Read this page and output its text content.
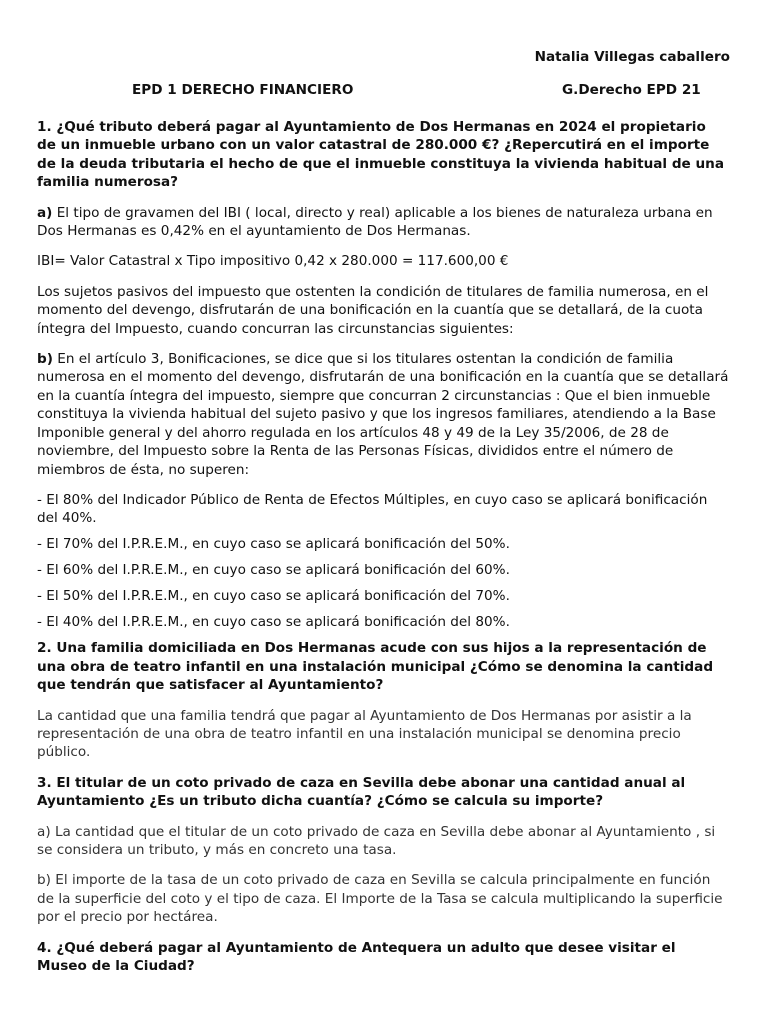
Natalia Villegas caballero
EPD 1 DERECHO FINANCIERO	G.Derecho EPD 21

1. ¿Qué tributo deberá pagar al Ayuntamiento de Dos Hermanas en 2024 el propietario de un inmueble urbano con un valor catastral de 280.000 €? ¿Repercutirá en el importe de la deuda tributaria el hecho de que el inmueble constituya la vivienda habitual de una familia numerosa?

a) El tipo de gravamen del IBI ( local, directo y real) aplicable a los bienes de naturaleza urbana en Dos Hermanas es 0,42% en el ayuntamiento de Dos Hermanas.

IBI= Valor Catastral x Tipo impositivo 0,42 x 280.000 = 117.600,00 €

Los sujetos pasivos del impuesto que ostenten la condición de titulares de familia numerosa, en el momento del devengo, disfrutarán de una bonificación en la cuantía que se detallará, de la cuota íntegra del Impuesto, cuando concurran las circunstancias siguientes:

b) En el artículo 3, Bonificaciones, se dice que si los titulares ostentan la condición de familia numerosa en el momento del devengo, disfrutarán de una bonificación en la cuantía que se detallará en la cuantía íntegra del impuesto, siempre que concurran 2 circunstancias : Que el bien inmueble constituya la vivienda habitual del sujeto pasivo y que los ingresos familiares, atendiendo a la Base Imponible general y del ahorro regulada en los artículos 48 y 49 de la Ley 35/2006, de 28 de noviembre, del Impuesto sobre la Renta de las Personas Físicas, divididos entre el número de miembros de ésta, no superen:

- El 80% del Indicador Público de Renta de Efectos Múltiples, en cuyo caso se aplicará bonificación del 40%.

- El 70% del I.P.R.E.M., en cuyo caso se aplicará bonificación del 50%.

- El 60% del I.P.R.E.M., en cuyo caso se aplicará bonificación del 60%.

- El 50% del I.P.R.E.M., en cuyo caso se aplicará bonificación del 70%.

- El 40% del I.P.R.E.M., en cuyo caso se aplicará bonificación del 80%.

2. Una familia domiciliada en Dos Hermanas acude con sus hijos a la representación de una obra de teatro infantil en una instalación municipal ¿Cómo se denomina la cantidad que tendrán que satisfacer al Ayuntamiento?

La cantidad que una familia tendrá que pagar al Ayuntamiento de Dos Hermanas por asistir a la representación de una obra de teatro infantil en una instalación municipal se denomina precio público.

3. El titular de un coto privado de caza en Sevilla debe abonar una cantidad anual al Ayuntamiento ¿Es un tributo dicha cuantía? ¿Cómo se calcula su importe?

a) La cantidad que el titular de un coto privado de caza en Sevilla debe abonar al Ayuntamiento , si se considera un tributo, y más en concreto una tasa.

b) El importe de la tasa de un coto privado de caza en Sevilla se calcula principalmente en función de la superficie del coto y el tipo de caza. El Importe de la Tasa se calcula multiplicando la superficie por el precio por hectárea.

4. ¿Qué deberá pagar al Ayuntamiento de Antequera un adulto que desee visitar el Museo de la Ciudad?
